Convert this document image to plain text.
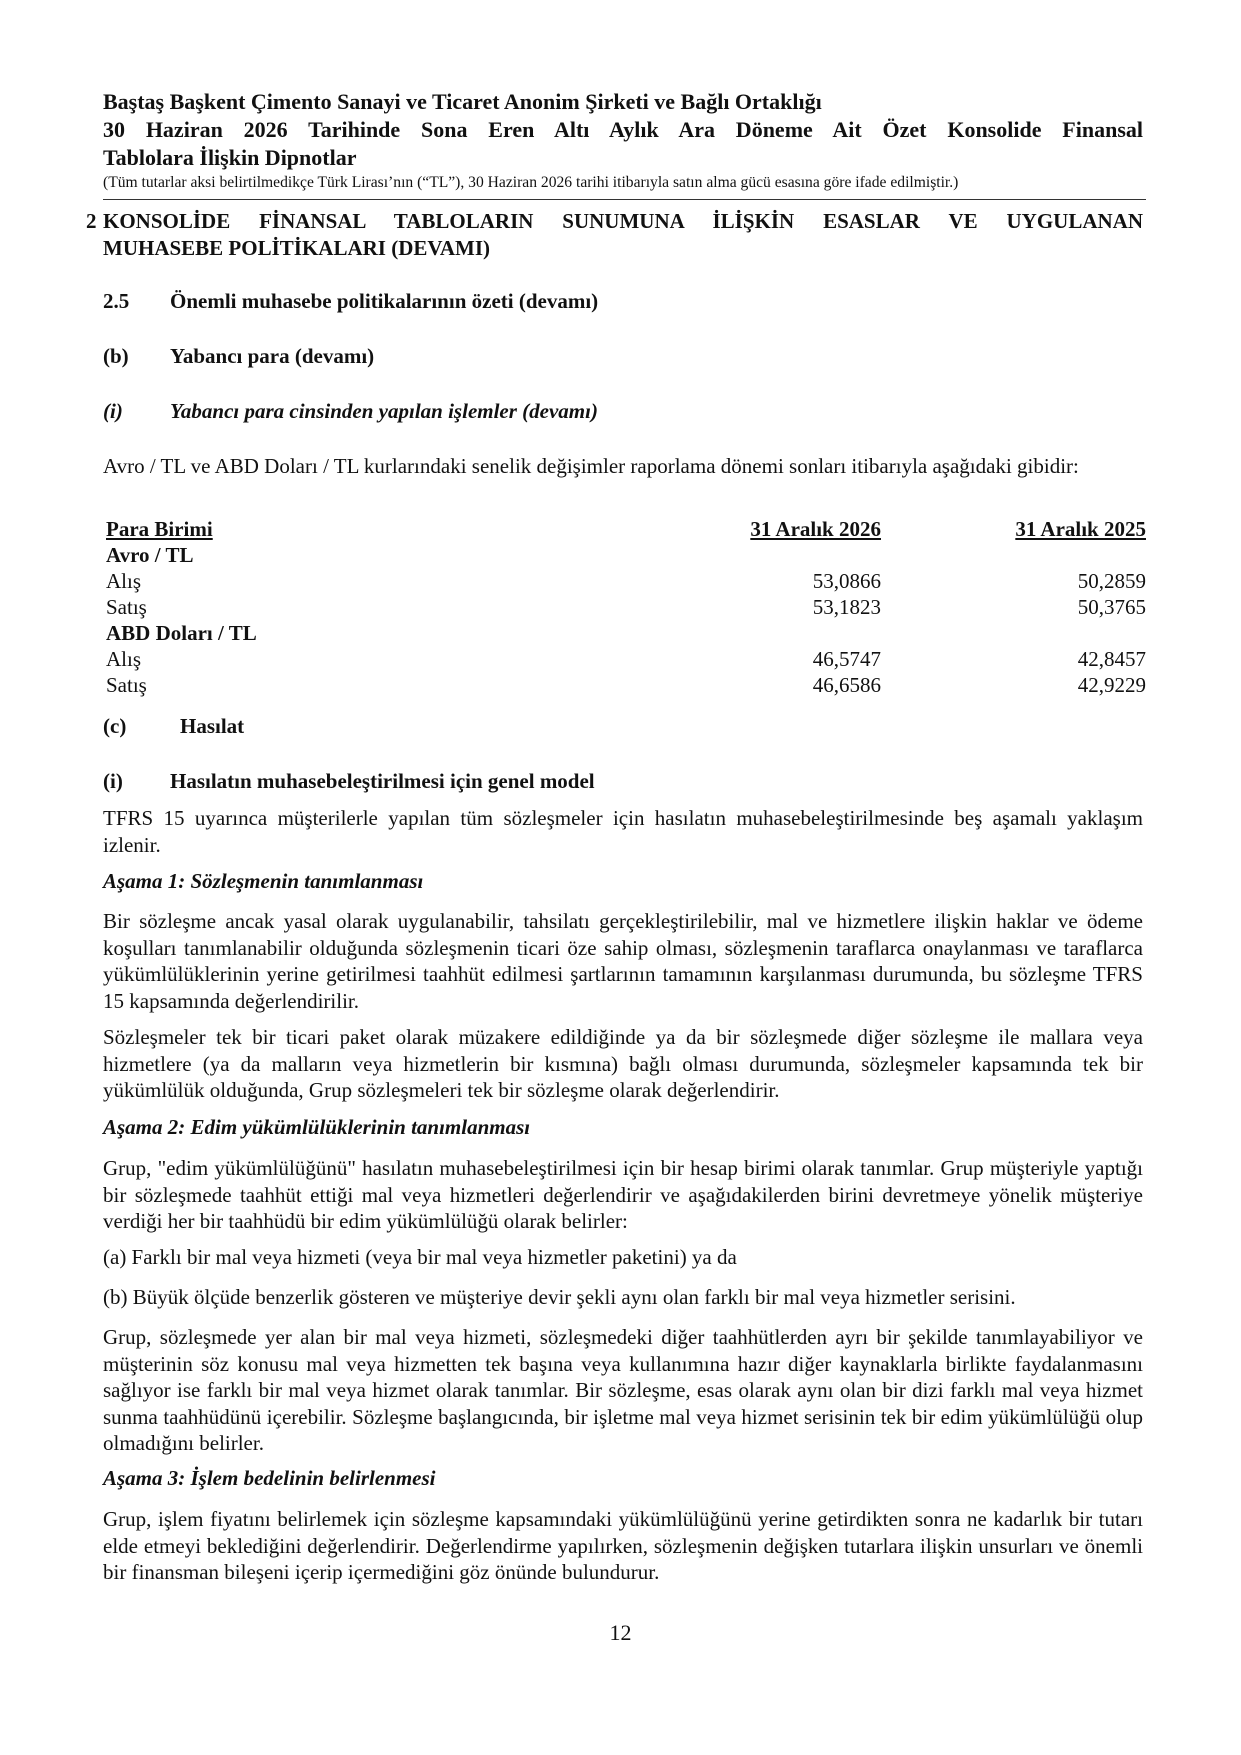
Baştaş Başkent Çimento Sanayi ve Ticaret Anonim Şirketi ve Bağlı Ortaklığı
30 Haziran 2026 Tarihinde Sona Eren Altı Aylık Ara Döneme Ait Özet Konsolide Finansal
Tablolara İlişkin Dipnotlar
(Tüm tutarlar aksi belirtilmedikçe Türk Lirası’nın (“TL”), 30 Haziran 2026 tarihi itibarıyla satın alma gücü esasına göre ifade edilmiştir.)
2 KONSOLİDE FİNANSAL TABLOLARIN SUNUMUNA İLİŞKİN ESASLAR VE UYGULANAN
MUHASEBE POLİTİKALARI (DEVAMI)
2.5 Önemli muhasebe politikalarının özeti (devamı)
(b) Yabancı para (devamı)
(i) Yabancı para cinsinden yapılan işlemler (devamı)
Avro / TL ve ABD Doları / TL kurlarındaki senelik değişimler raporlama dönemi sonları itibarıyla aşağıdaki gibidir:
Para Birimi	31 Aralık 2026	31 Aralık 2025
Avro / TL
Alış	53,0866	50,2859
Satış	53,1823	50,3765
ABD Doları / TL
Alış	46,5747	42,8457
Satış	46,6586	42,9229
(c)	Hasılat
(i) Hasılatın muhasebeleştirilmesi için genel model
TFRS 15 uyarınca müşterilerle yapılan tüm sözleşmeler için hasılatın muhasebeleştirilmesinde beş aşamalı yaklaşım izlenir.
Aşama 1: Sözleşmenin tanımlanması
Bir sözleşme ancak yasal olarak uygulanabilir, tahsilatı gerçekleştirilebilir, mal ve hizmetlere ilişkin haklar ve ödeme koşulları tanımlanabilir olduğunda sözleşmenin ticari öze sahip olması, sözleşmenin taraflarca onaylanması ve taraflarca yükümlülüklerinin yerine getirilmesi taahhüt edilmesi şartlarının tamamının karşılanması durumunda, bu sözleşme TFRS 15 kapsamında değerlendirilir.
Sözleşmeler tek bir ticari paket olarak müzakere edildiğinde ya da bir sözleşmede diğer sözleşme ile mallara veya hizmetlere (ya da malların veya hizmetlerin bir kısmına) bağlı olması durumunda, sözleşmeler kapsamında tek bir yükümlülük olduğunda, Grup sözleşmeleri tek bir sözleşme olarak değerlendirir.
Aşama 2: Edim yükümlülüklerinin tanımlanması
Grup, "edim yükümlülüğünü" hasılatın muhasebeleştirilmesi için bir hesap birimi olarak tanımlar. Grup müşteriyle yaptığı bir sözleşmede taahhüt ettiği mal veya hizmetleri değerlendirir ve aşağıdakilerden birini devretmeye yönelik müşteriye verdiği her bir taahhüdü bir edim yükümlülüğü olarak belirler:
(a) Farklı bir mal veya hizmeti (veya bir mal veya hizmetler paketini) ya da
(b) Büyük ölçüde benzerlik gösteren ve müşteriye devir şekli aynı olan farklı bir mal veya hizmetler serisini.
Grup, sözleşmede yer alan bir mal veya hizmeti, sözleşmedeki diğer taahhütlerden ayrı bir şekilde tanımlayabiliyor ve müşterinin söz konusu mal veya hizmetten tek başına veya kullanımına hazır diğer kaynaklarla birlikte faydalanmasını sağlıyor ise farklı bir mal veya hizmet olarak tanımlar. Bir sözleşme, esas olarak aynı olan bir dizi farklı mal veya hizmet sunma taahhüdünü içerebilir. Sözleşme başlangıcında, bir işletme mal veya hizmet serisinin tek bir edim yükümlülüğü olup olmadığını belirler.
Aşama 3: İşlem bedelinin belirlenmesi
Grup, işlem fiyatını belirlemek için sözleşme kapsamındaki yükümlülüğünü yerine getirdikten sonra ne kadarlık bir tutarı elde etmeyi beklediğini değerlendirir. Değerlendirme yapılırken, sözleşmenin değişken tutarlara ilişkin unsurları ve önemli bir finansman bileşeni içerip içermediğini göz önünde bulundurur.
12
